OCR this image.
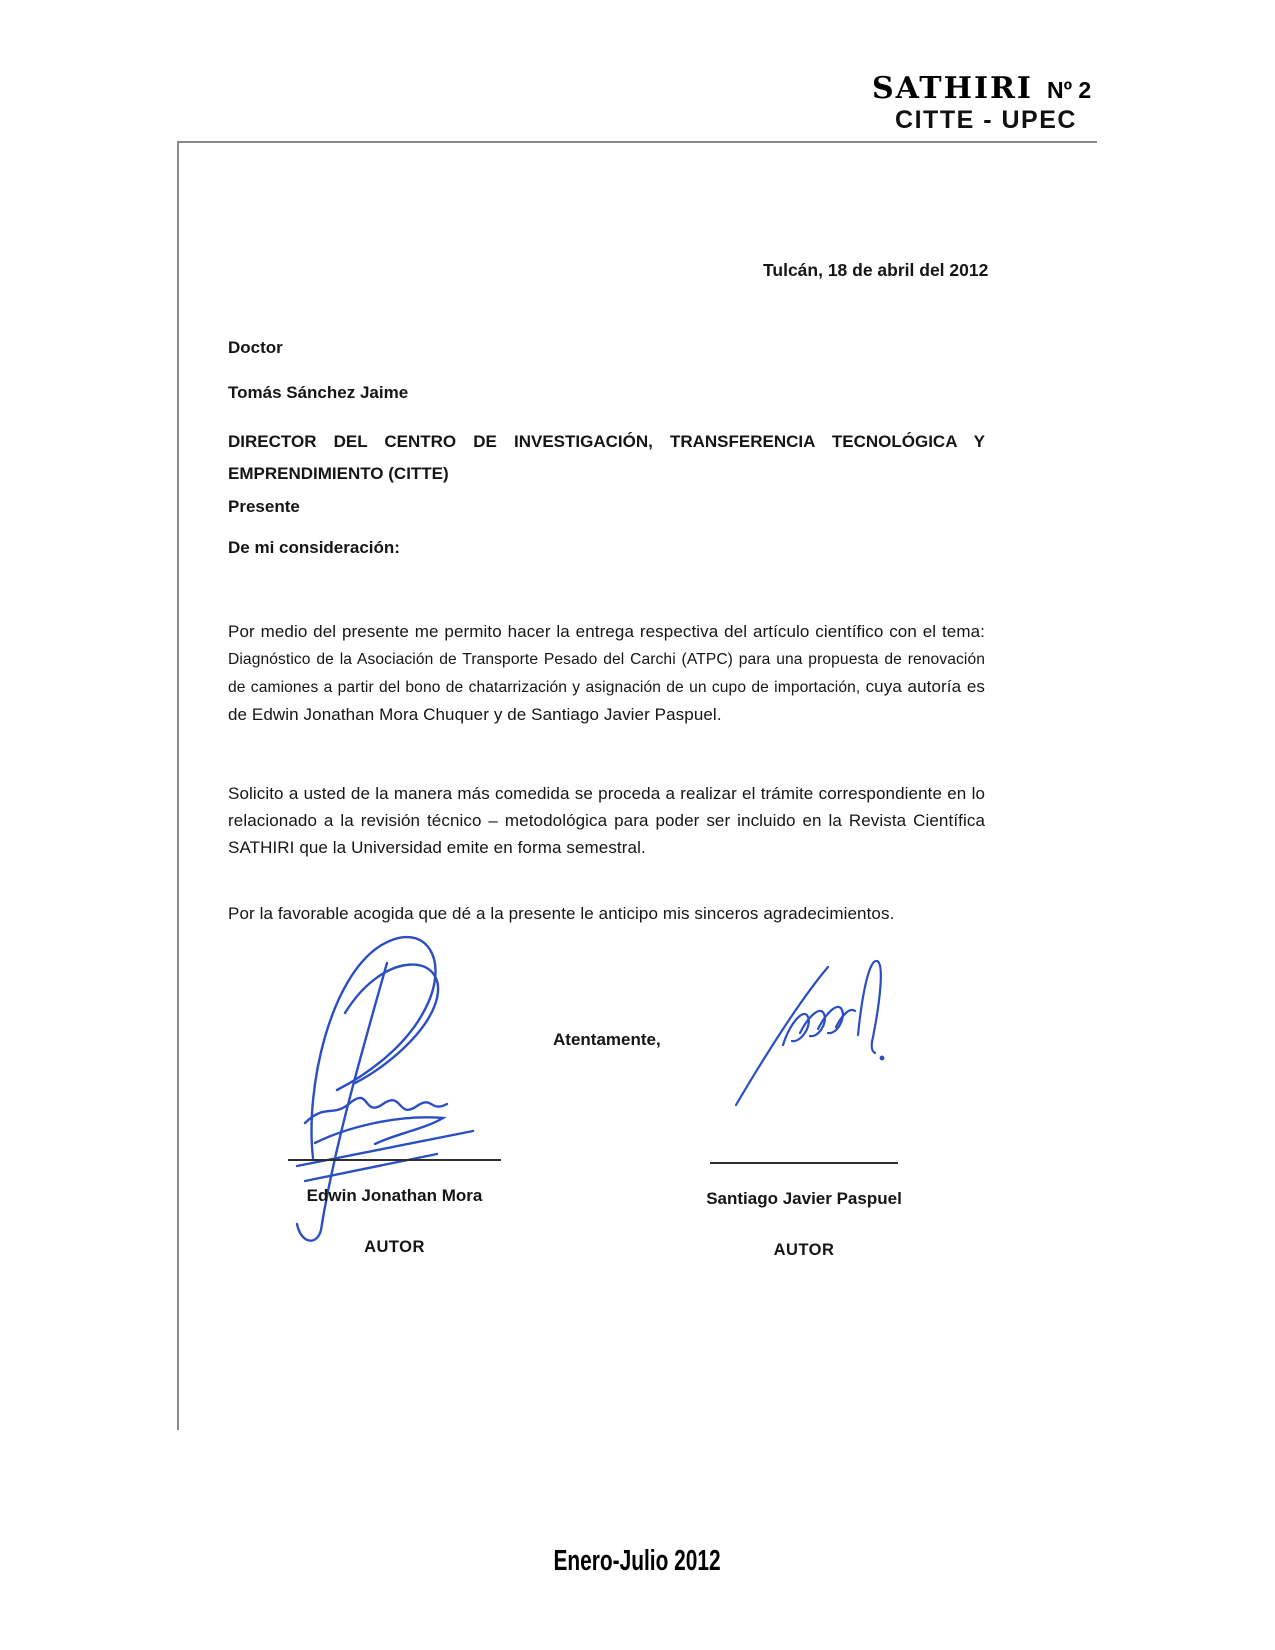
SATHIRI Nº 2
CITTE - UPEC
Tulcán, 18 de abril del 2012
Doctor
Tomás Sánchez Jaime
DIRECTOR DEL CENTRO DE INVESTIGACIÓN, TRANSFERENCIA TECNOLÓGICA Y EMPRENDIMIENTO (CITTE)
Presente
De mi consideración:
Por medio del presente me permito hacer la entrega respectiva del artículo científico con el tema: Diagnóstico de la Asociación de Transporte Pesado del Carchi (ATPC) para una propuesta de renovación de camiones a partir del bono de chatarrización y asignación de un cupo de importación, cuya autoría es de Edwin Jonathan Mora Chuquer y de Santiago Javier Paspuel.
Solicito a usted de la manera más comedida se proceda a realizar el trámite correspondiente en lo relacionado a la revisión técnico – metodológica para poder ser incluido en la Revista Científica SATHIRI que la Universidad emite en forma semestral.
Por la favorable acogida que dé a la presente le anticipo mis sinceros agradecimientos.
Atentamente,
Edwin Jonathan Mora	Santiago Javier Paspuel
AUTOR	AUTOR
Enero-Julio 2012
